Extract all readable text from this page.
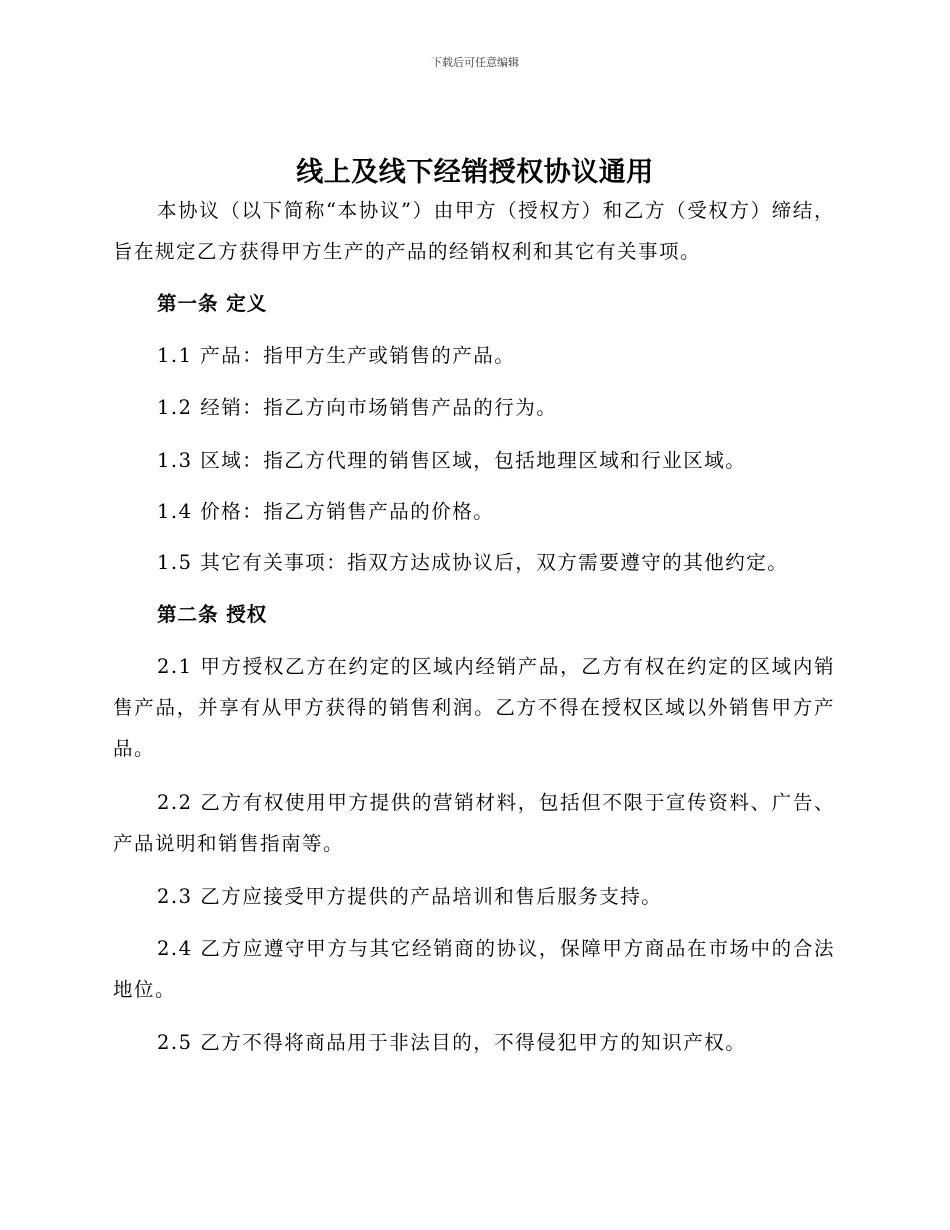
下载后可任意编辑
线上及线下经销授权协议通用
本协议（以下简称“本协议”）由甲方（授权方）和乙方（受权方）缔结，旨在规定乙方获得甲方生产的产品的经销权利和其它有关事项。
第一条 定义
1.1 产品：指甲方生产或销售的产品。
1.2 经销：指乙方向市场销售产品的行为。
1.3 区域：指乙方代理的销售区域，包括地理区域和行业区域。
1.4 价格：指乙方销售产品的价格。
1.5 其它有关事项：指双方达成协议后，双方需要遵守的其他约定。
第二条 授权
2.1 甲方授权乙方在约定的区域内经销产品，乙方有权在约定的区域内销售产品，并享有从甲方获得的销售利润。乙方不得在授权区域以外销售甲方产品。
2.2 乙方有权使用甲方提供的营销材料，包括但不限于宣传资料、广告、产品说明和销售指南等。
2.3 乙方应接受甲方提供的产品培训和售后服务支持。
2.4 乙方应遵守甲方与其它经销商的协议，保障甲方商品在市场中的合法地位。
2.5 乙方不得将商品用于非法目的，不得侵犯甲方的知识产权。
